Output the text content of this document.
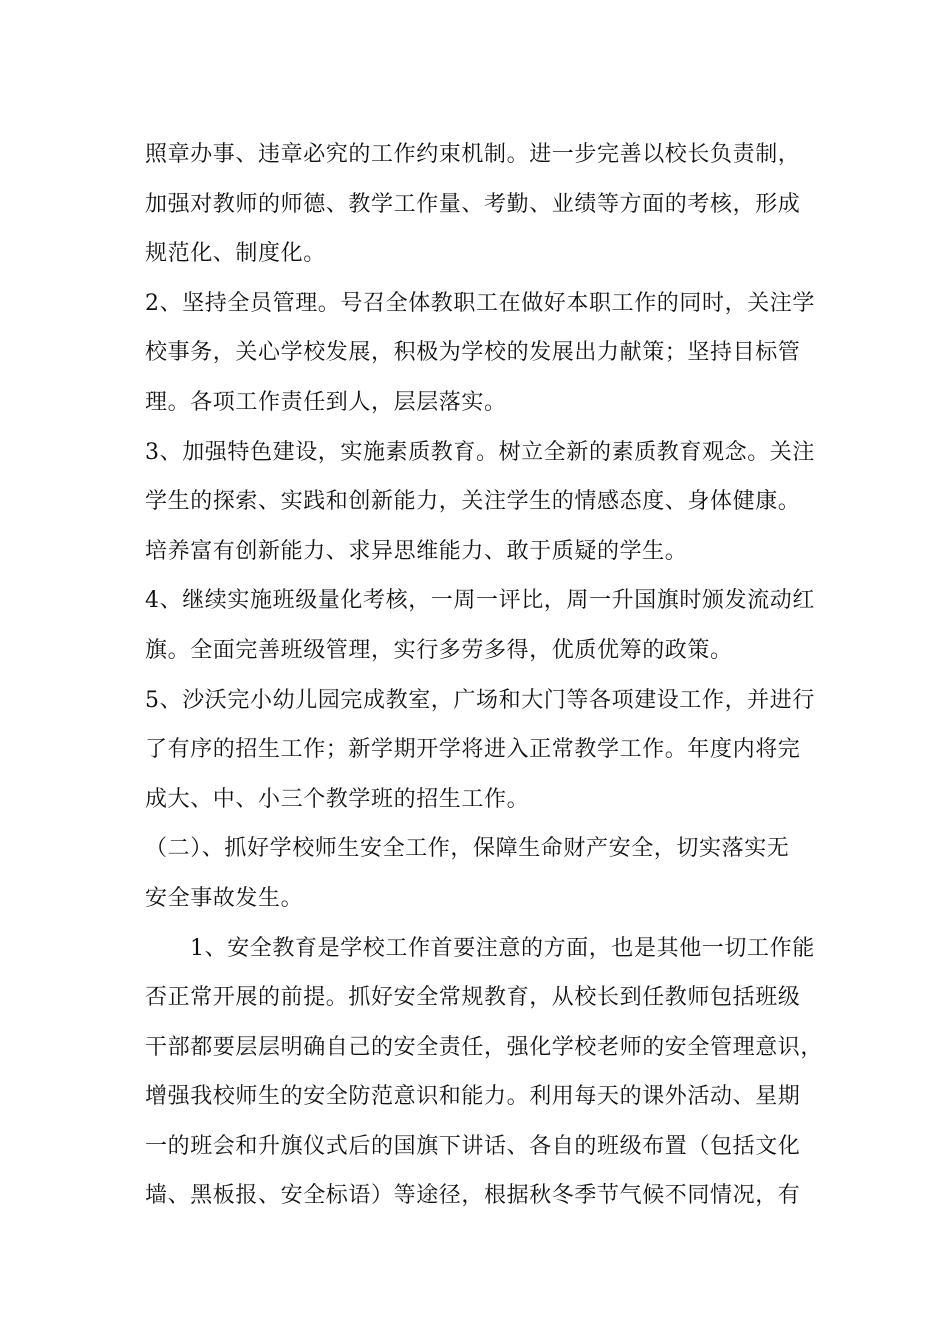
照章办事、违章必究的工作约束机制。进一步完善以校长负责制，
加强对教师的师德、教学工作量、考勤、业绩等方面的考核，形成
规范化、制度化。
2、坚持全员管理。号召全体教职工在做好本职工作的同时，关注学
校事务，关心学校发展，积极为学校的发展出力献策；坚持目标管
理。各项工作责任到人，层层落实。
3、加强特色建设，实施素质教育。树立全新的素质教育观念。关注
学生的探索、实践和创新能力，关注学生的情感态度、身体健康。
培养富有创新能力、求异思维能力、敢于质疑的学生。
4、继续实施班级量化考核，一周一评比，周一升国旗时颁发流动红
旗。全面完善班级管理，实行多劳多得，优质优筹的政策。
5、沙沃完小幼儿园完成教室，广场和大门等各项建设工作，并进行
了有序的招生工作；新学期开学将进入正常教学工作。年度内将完
成大、中、小三个教学班的招生工作。
（二）、抓好学校师生安全工作，保障生命财产安全，切实落实无
安全事故发生。
1、安全教育是学校工作首要注意的方面，也是其他一切工作能
否正常开展的前提。抓好安全常规教育，从校长到任教师包括班级
干部都要层层明确自己的安全责任，强化学校老师的安全管理意识，
增强我校师生的安全防范意识和能力。利用每天的课外活动、星期
一的班会和升旗仪式后的国旗下讲话、各自的班级布置（包括文化
墙、黑板报、安全标语）等途径，根据秋冬季节气候不同情况，有
